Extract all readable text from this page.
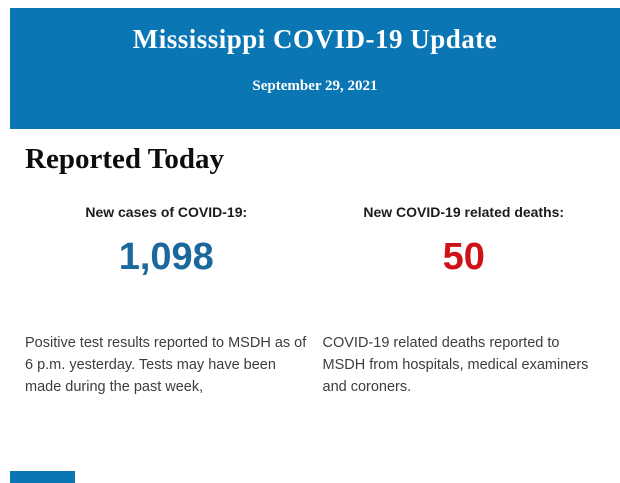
Mississippi COVID-19 Update
September 29, 2021
Reported Today
New cases of COVID-19:
1,098

Positive test results reported to MSDH as of 6 p.m. yesterday. Tests may have been made during the past week,

New COVID-19 related deaths:
50

COVID-19 related deaths reported to MSDH from hospitals, medical examiners and coroners.
